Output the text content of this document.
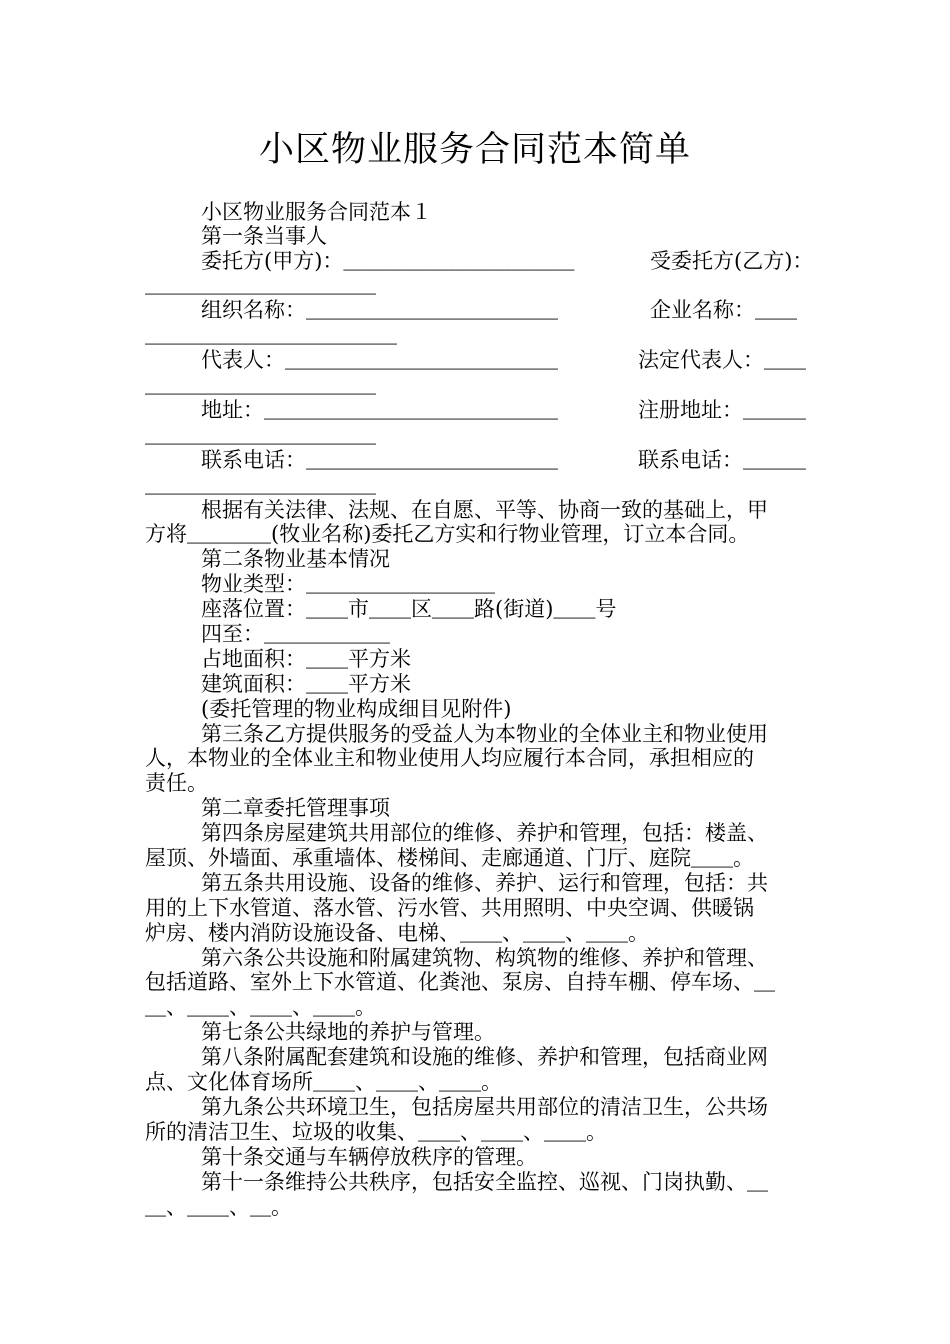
小区物业服务合同范本简单

小区物业服务合同范本１

第一条当事人

委托方(甲方)：＿＿＿＿＿＿＿＿＿＿＿	受委托方(乙方)：

＿＿＿＿＿＿＿＿＿＿＿

组织名称：＿＿＿＿＿＿＿＿＿＿＿＿	企业名称：＿＿

＿＿＿＿＿＿＿＿＿＿＿＿

代表人：＿＿＿＿＿＿＿＿＿＿＿＿＿	法定代表人：＿＿

＿＿＿＿＿＿＿＿＿＿＿

地址：＿＿＿＿＿＿＿＿＿＿＿＿＿＿	注册地址：＿＿＿

＿＿＿＿＿＿＿＿＿＿＿

联系电话：＿＿＿＿＿＿＿＿＿＿＿＿	联系电话：＿＿＿

＿＿＿＿＿＿＿＿＿＿＿

根据有关法律、法规、在自愿、平等、协商一致的基础上，甲

方将＿＿＿＿(牧业名称)委托乙方实和行物业管理，订立本合同。

第二条物业基本情况

物业类型：＿＿＿＿＿＿＿＿＿

座落位置：＿＿市＿＿区＿＿路(街道)＿＿号

四至：＿＿＿＿＿＿

占地面积：＿＿平方米

建筑面积：＿＿平方米

(委托管理的物业构成细目见附件)

第三条乙方提供服务的受益人为本物业的全体业主和物业使用

人，本物业的全体业主和物业使用人均应履行本合同，承担相应的

责任。

第二章委托管理事项

第四条房屋建筑共用部位的维修、养护和管理，包括：楼盖、

屋顶、外墙面、承重墙体、楼梯间、走廊通道、门厅、庭院＿＿。

第五条共用设施、设备的维修、养护、运行和管理，包括：共

用的上下水管道、落水管、污水管、共用照明、中央空调、供暖锅

炉房、楼内消防设施设备、电梯、＿＿、＿＿、＿＿。

第六条公共设施和附属建筑物、构筑物的维修、养护和管理、

包括道路、室外上下水管道、化粪池、泵房、自持车棚、停车场、＿

＿、＿＿、＿＿、＿＿。

第七条公共绿地的养护与管理。

第八条附属配套建筑和设施的维修、养护和管理，包括商业网

点、文化体育场所＿＿、＿＿、＿＿。

第九条公共环境卫生，包括房屋共用部位的清洁卫生，公共场

所的清洁卫生、垃圾的收集、＿＿、＿＿、＿＿。

第十条交通与车辆停放秩序的管理。

第十一条维持公共秩序，包括安全监控、巡视、门岗执勤、＿

＿、＿＿、＿。
